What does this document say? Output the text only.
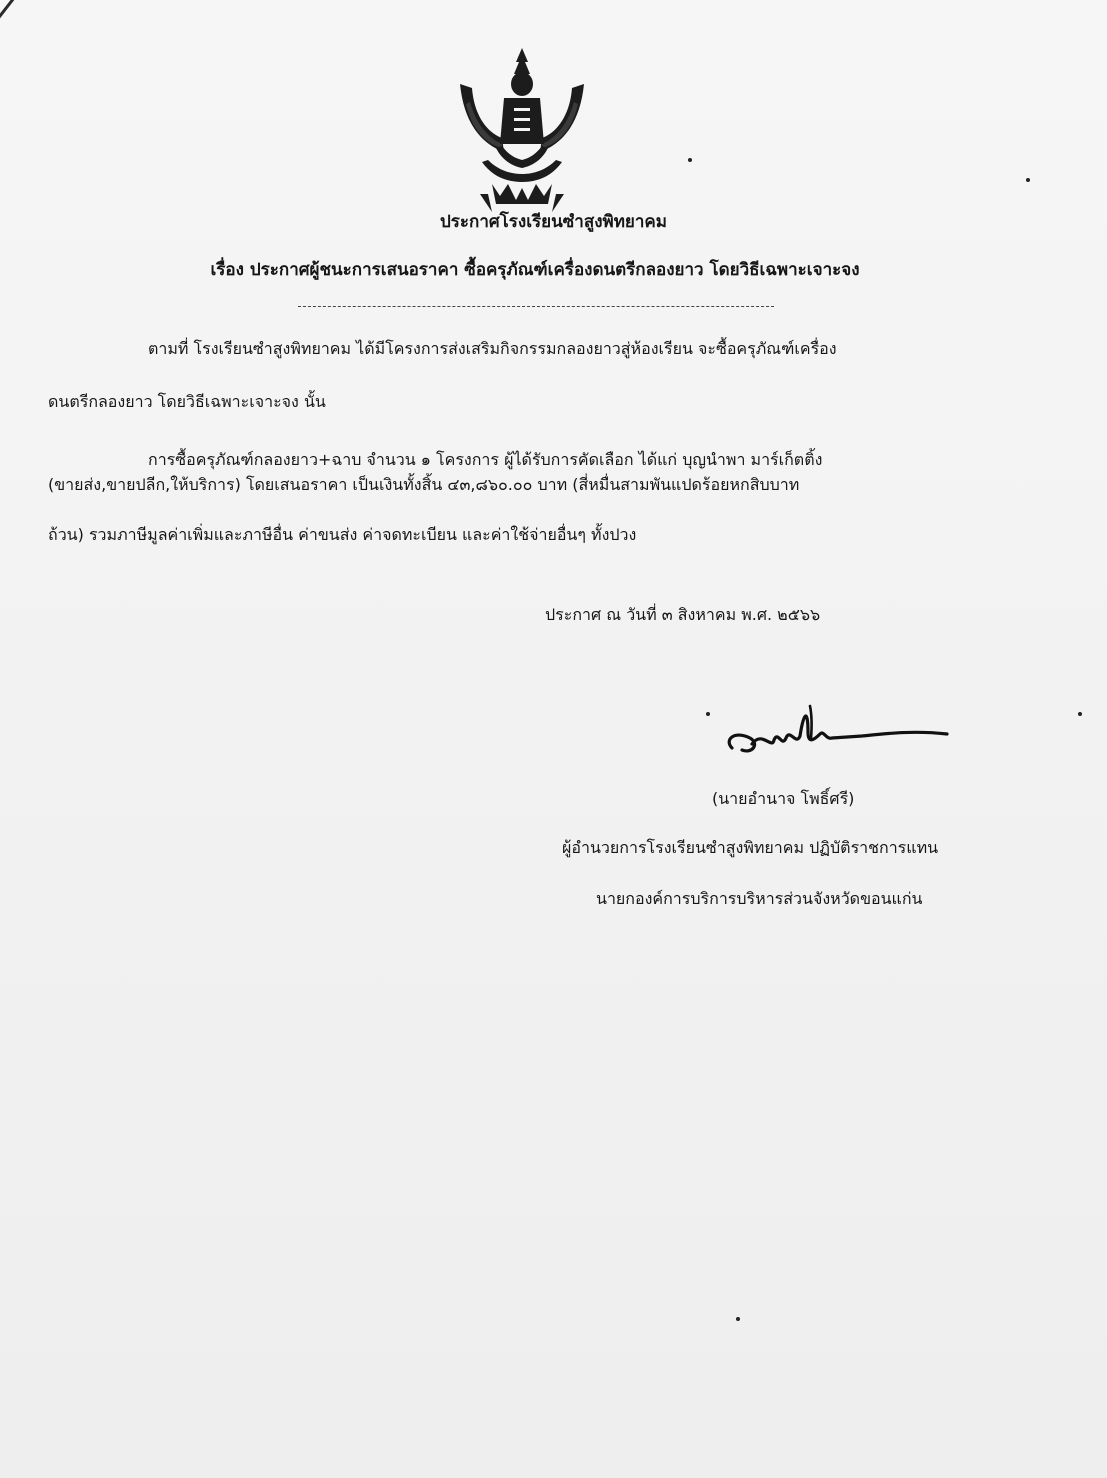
ประกาศโรงเรียนซำสูงพิทยาคม
เรื่อง ประกาศผู้ชนะการเสนอราคา ซื้อครุภัณฑ์เครื่องดนตรีกลองยาว โดยวิธีเฉพาะเจาะจง
ตามที่ โรงเรียนซำสูงพิทยาคม ได้มีโครงการส่งเสริมกิจกรรมกลองยาวสู่ห้องเรียน จะซื้อครุภัณฑ์เครื่อง
ดนตรีกลองยาว โดยวิธีเฉพาะเจาะจง นั้น
การซื้อครุภัณฑ์กลองยาว+ฉาบ จำนวน ๑ โครงการ ผู้ได้รับการคัดเลือก ได้แก่ บุญนำพา มาร์เก็ตติ้ง
(ขายส่ง,ขายปลีก,ให้บริการ) โดยเสนอราคา เป็นเงินทั้งสิ้น ๔๓,๘๖๐.๐๐ บาท (สี่หมื่นสามพันแปดร้อยหกสิบบาท
ถ้วน) รวมภาษีมูลค่าเพิ่มและภาษีอื่น ค่าขนส่ง ค่าจดทะเบียน และค่าใช้จ่ายอื่นๆ ทั้งปวง
ประกาศ ณ วันที่ ๓ สิงหาคม พ.ศ. ๒๕๖๖
(นายอำนาจ โพธิ์ศรี)
ผู้อำนวยการโรงเรียนซำสูงพิทยาคม ปฏิบัติราชการแทน
นายกองค์การบริการบริหารส่วนจังหวัดขอนแก่น
